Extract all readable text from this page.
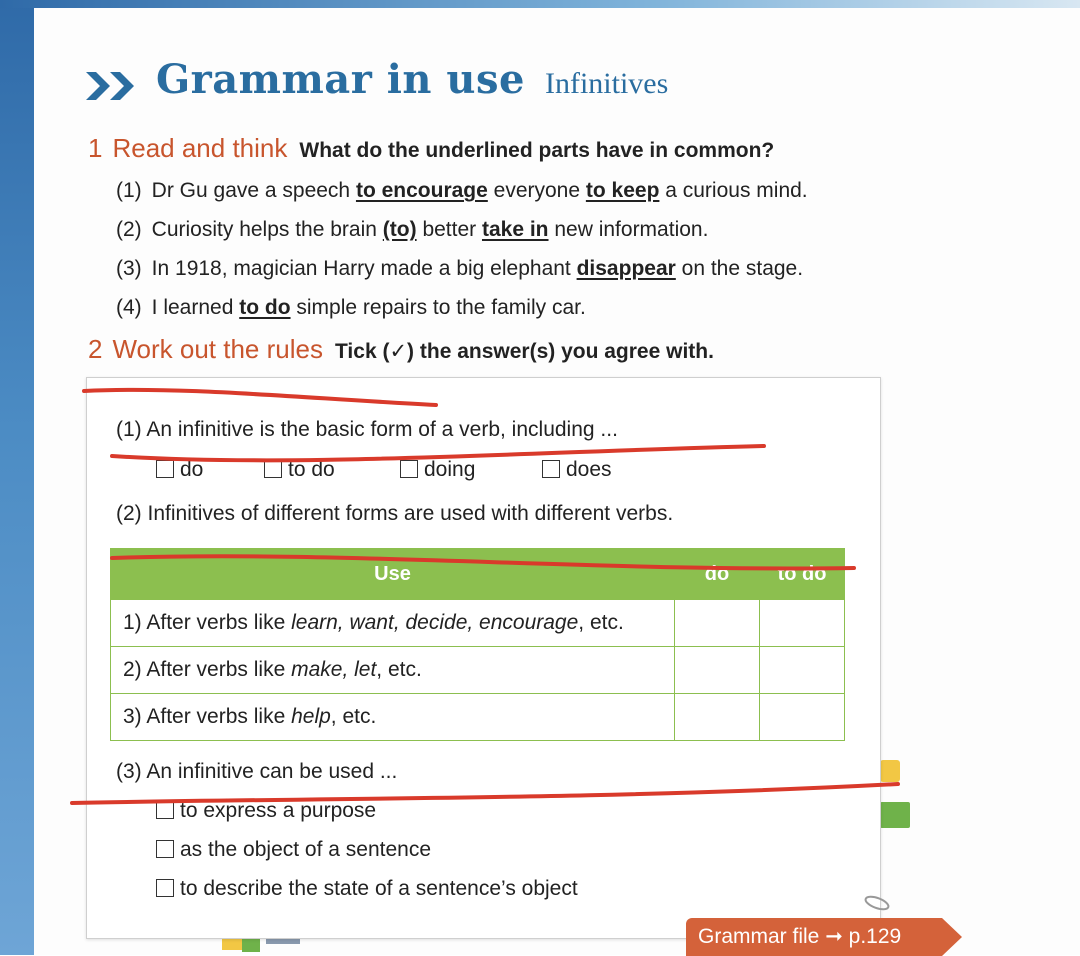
Grammar in use Infinitives
1 Read and think What do the underlined parts have in common?
(1) Dr Gu gave a speech to encourage everyone to keep a curious mind.
(2) Curiosity helps the brain (to) better take in new information.
(3) In 1918, magician Harry made a big elephant disappear on the stage.
(4) I learned to do simple repairs to the family car.
2 Work out the rules Tick (✓) the answer(s) you agree with.
(1) An infinitive is the basic form of a verb, including ...
do	to do	doing	does
(2) Infinitives of different forms are used with different verbs.
Use	do	to do
1) After verbs like learn, want, decide, encourage, etc.		
2) After verbs like make, let, etc.		
3) After verbs like help, etc.		
(3) An infinitive can be used ...
to express a purpose
as the object of a sentence
to describe the state of a sentence’s object
Grammar file ➞ p.129
